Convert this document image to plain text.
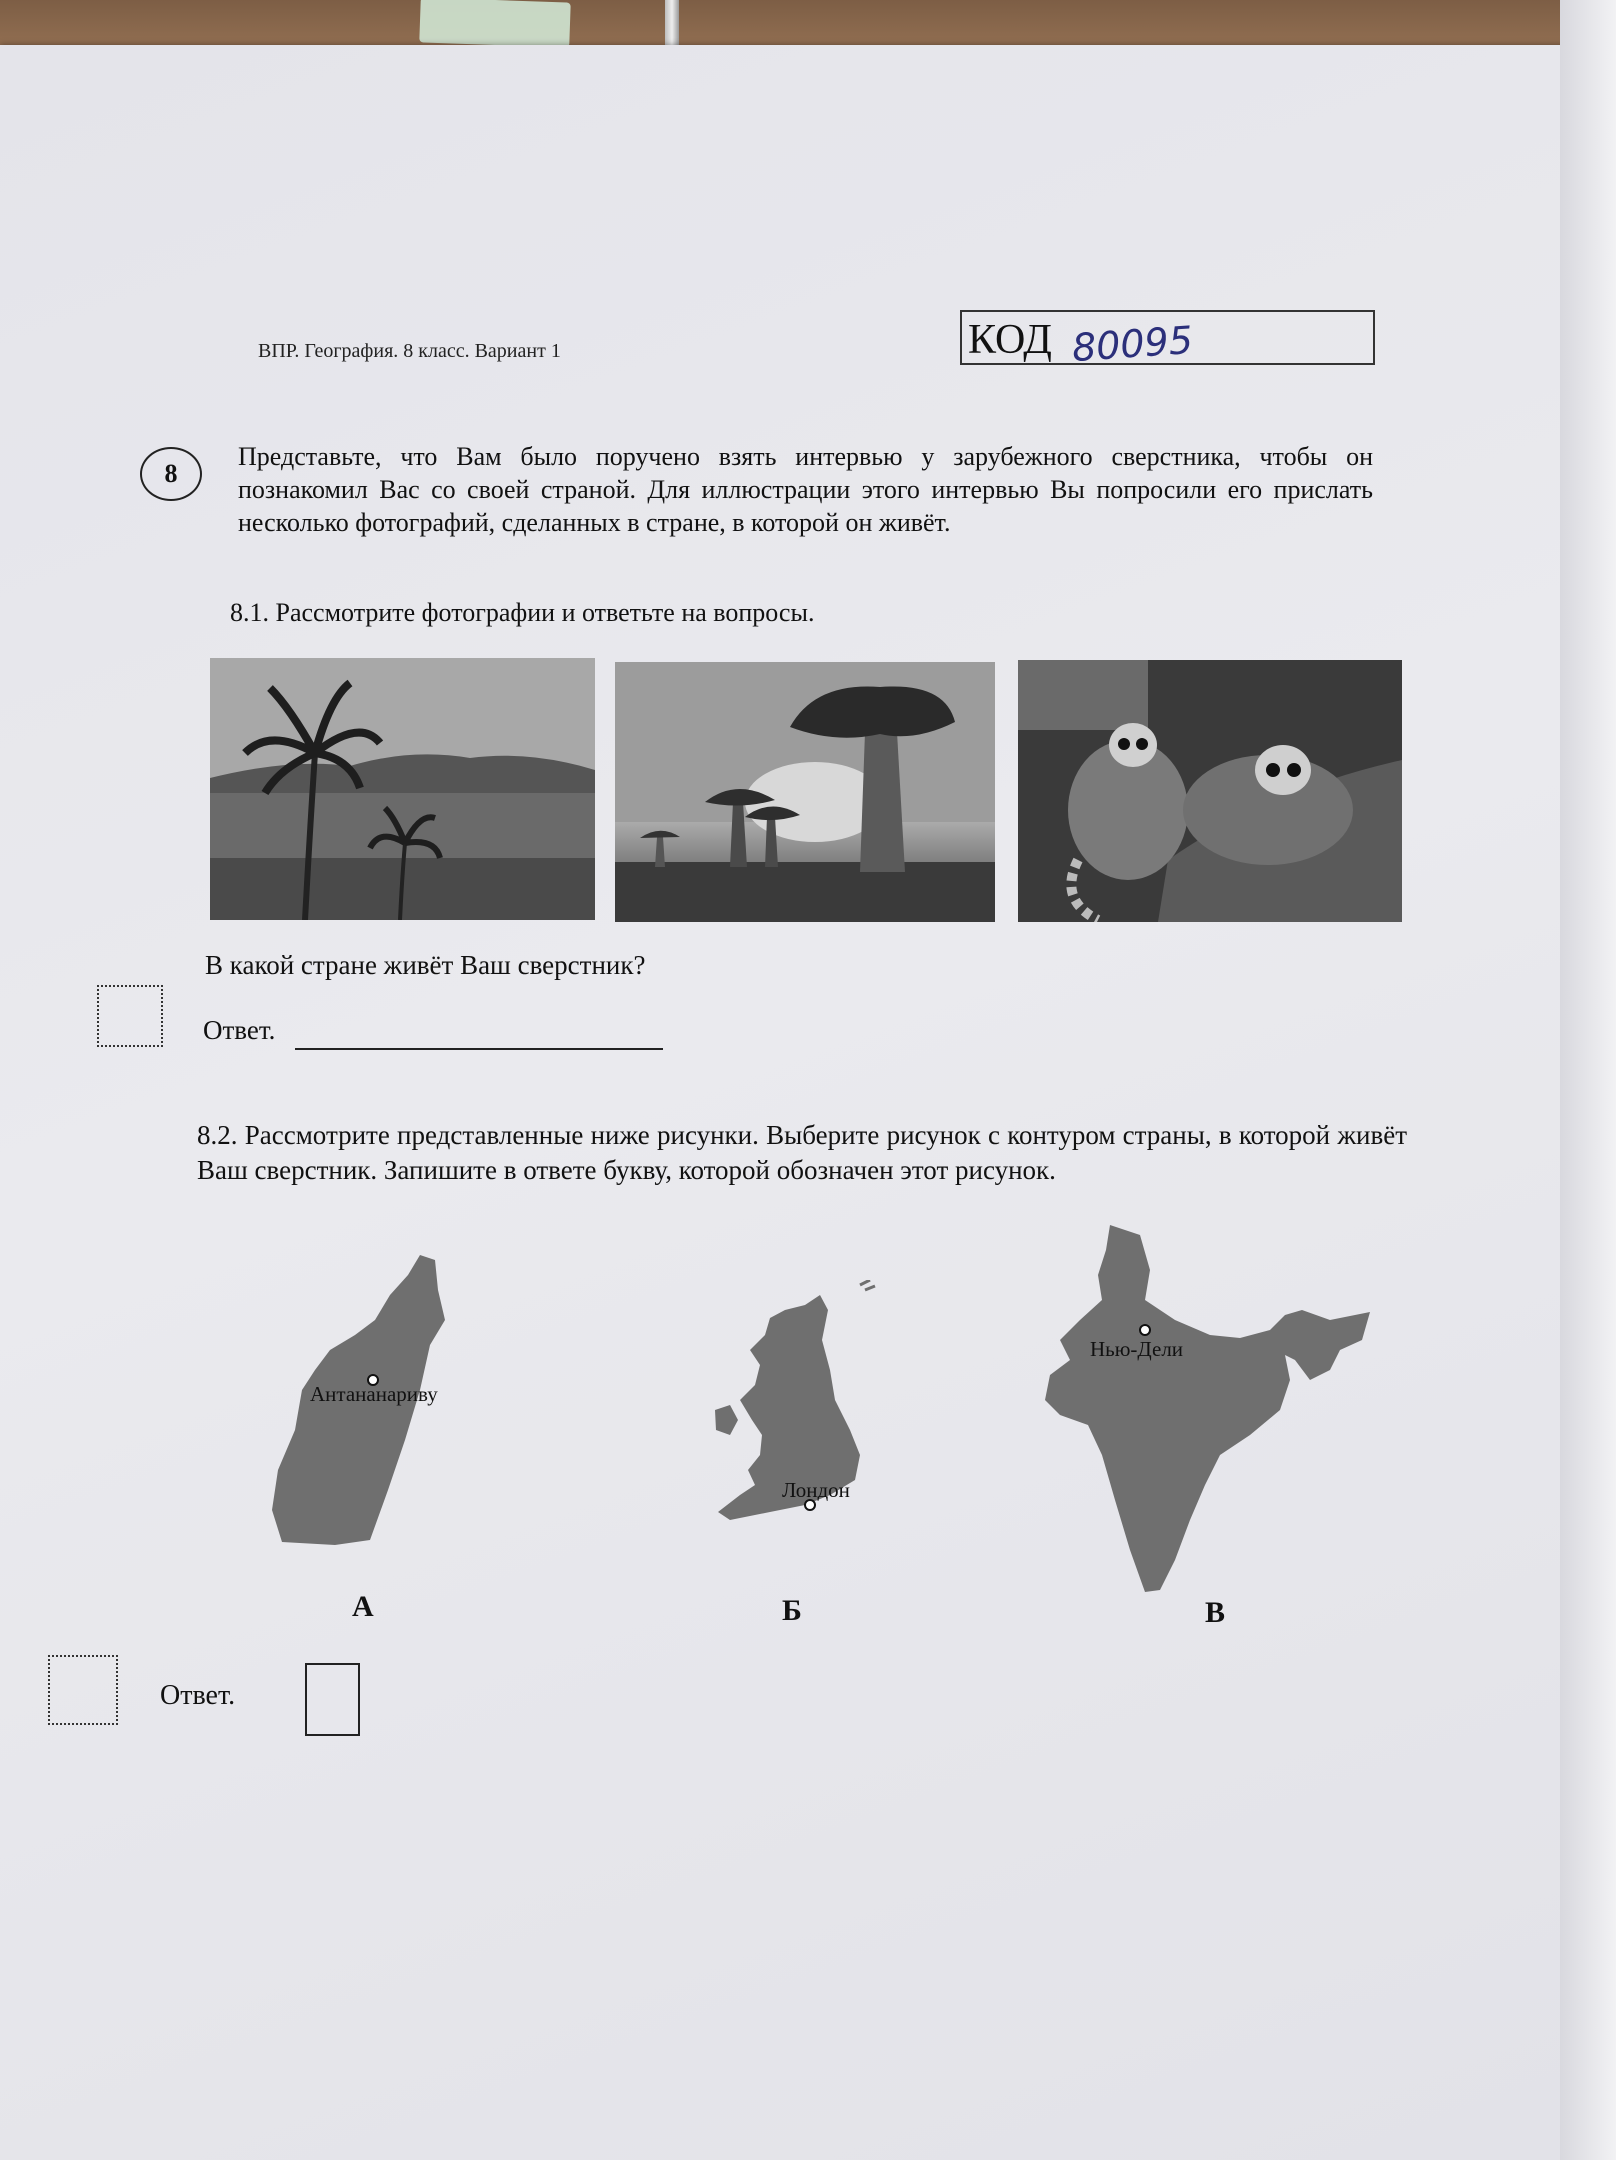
ВПР. География. 8 класс. Вариант 1	КОД 80095
8
Представьте, что Вам было поручено взять интервью у зарубежного сверстника, чтобы он познакомил Вас со своей страной. Для иллюстрации этого интервью Вы попросили его прислать несколько фотографий, сделанных в стране, в которой он живёт.
8.1. Рассмотрите фотографии и ответьте на вопросы.
В какой стране живёт Ваш сверстник?
Ответ.
8.2. Рассмотрите представленные ниже рисунки. Выберите рисунок с контуром страны, в которой живёт Ваш сверстник. Запишите в ответе букву, которой обозначен этот рисунок.
Антананариву
А
Лондон
Б
Нью-Дели
В
Ответ.
